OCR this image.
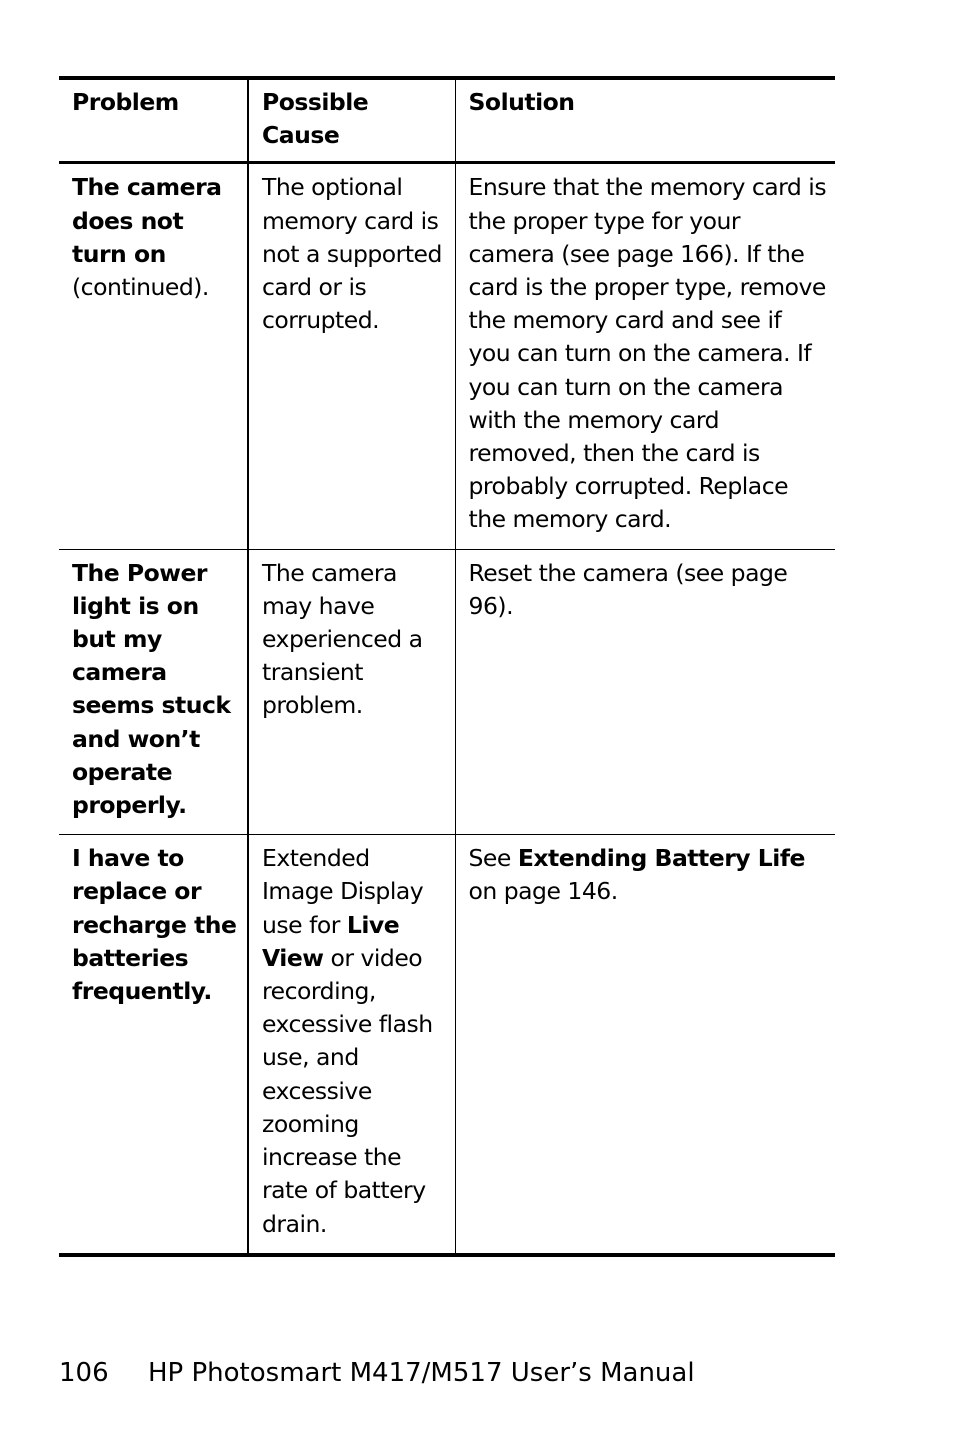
Problem	Possible Cause	Solution
The camera does not turn on (continued).	The optional memory card is not a supported card or is corrupted.	Ensure that the memory card is the proper type for your camera (see page 166). If the card is the proper type, remove the memory card and see if you can turn on the camera. If you can turn on the camera with the memory card removed, then the card is probably corrupted. Replace the memory card.
The Power light is on but my camera seems stuck and won’t operate properly.	The camera may have experienced a transient problem.	Reset the camera (see page 96).
I have to replace or recharge the batteries frequently.	Extended Image Display use for Live View or video recording, excessive flash use, and excessive zooming increase the rate of battery drain.	See Extending Battery Life on page 146.
106 HP Photosmart M417/M517 User’s Manual
